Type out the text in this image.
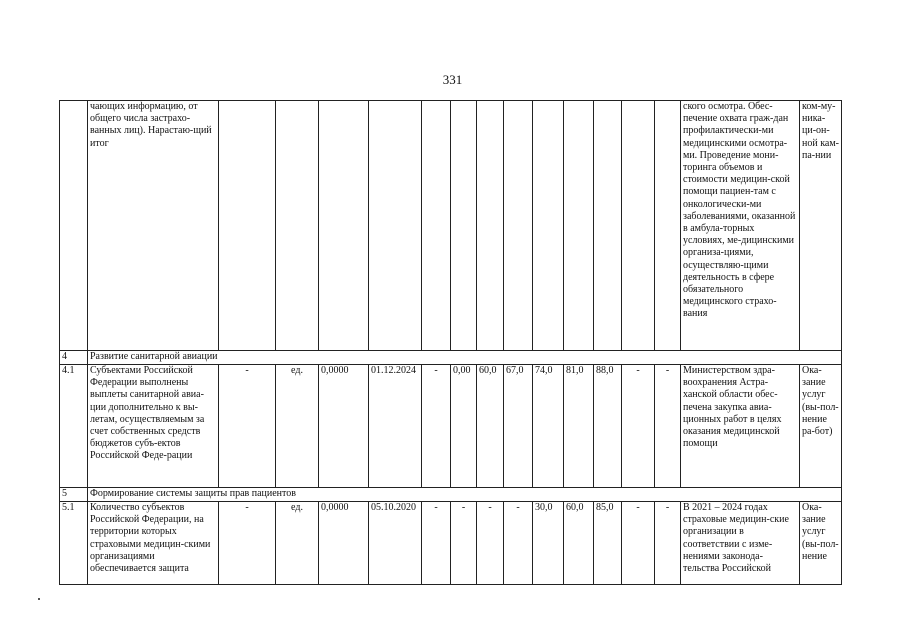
331
	чающих информацию, от общего числа застрахо-ванных лиц). Нарастаю-щий итог														ского осмотра. Обес-печение охвата граж-дан профилактически-ми медицинскими осмотра-ми. Проведение мони-торинга объемов и стоимости медицин-ской помощи пациен-там с онкологически-ми заболеваниями, оказанной в амбула-торных условиях, ме-дицинскими организа-циями, осуществляю-щими деятельность в сфере обязательного медицинского страхо-вания	ком-му-ника-ци-он-ной кам-па-нии
4	Развитие санитарной авиации															
4.1	Субъектами Российской Федерации выполнены выплеты санитарной авиа-ции дополнительно к вы-летам, осуществляемым за счет собственных средств бюджетов субъ-ектов Российской Феде-рации	-	ед.	0,0000	01.12.2024	-	0,00	60,0	67,0	74,0	81,0	88,0	-	-	Министерством здра-воохранения Астра-ханской области обес-печена закупка авиа-ционных работ в целях оказания медицинской помощи	Ока-зание услуг (вы-пол-нение ра-бот)
5	Формирование системы защиты прав пациентов															
5.1	Количество субъектов Российской Федерации, на территории которых страховыми медицин-скими организациями обеспечивается защита	-	ед.	0,0000	05.10.2020	-	-	-	-	30,0	60,0	85,0	-	-	В 2021 – 2024 годах страховые медицин-ские организации в соответствии с изме-нениями законода-тельства Российской	Ока-зание услуг (вы-пол-нение
